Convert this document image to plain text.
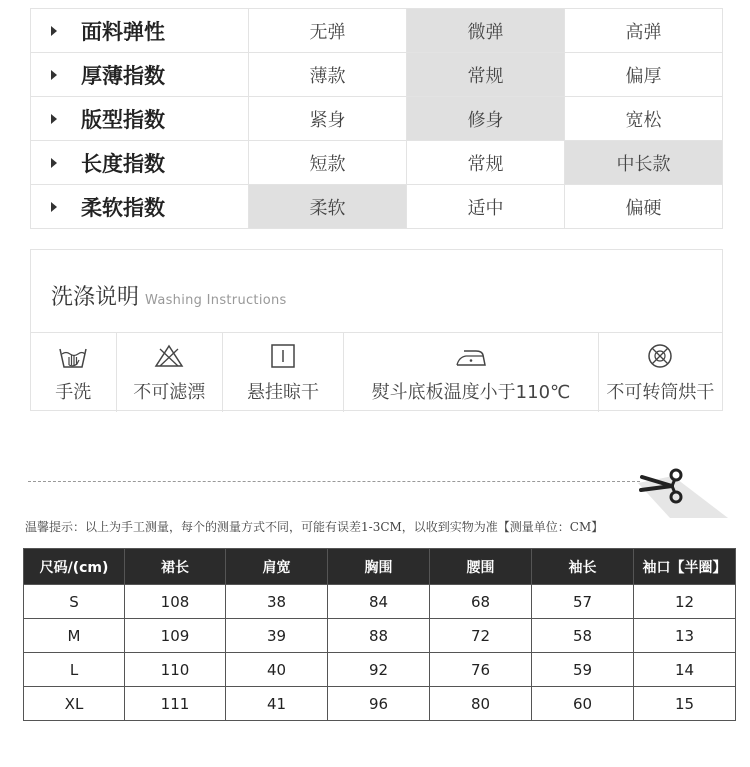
面料弹性	无弹	微弹	高弹
厚薄指数	薄款	常规	偏厚
版型指数	紧身	修身	宽松
长度指数	短款	常规	中长款
柔软指数	柔软	适中	偏硬
洗涤说明 Washing Instructions
手洗	不可滤漂	悬挂晾干	熨斗底板温度小于110℃	不可转筒烘干
温馨提示：以上为手工测量，每个的测量方式不同，可能有误差1-3CM，以收到实物为准【测量单位：CM】
尺码/(cm)	裙长	肩宽	胸围	腰围	袖长	袖口【半圈】
S	108	38	84	68	57	12
M	109	39	88	72	58	13
L	110	40	92	76	59	14
XL	111	41	96	80	60	15
